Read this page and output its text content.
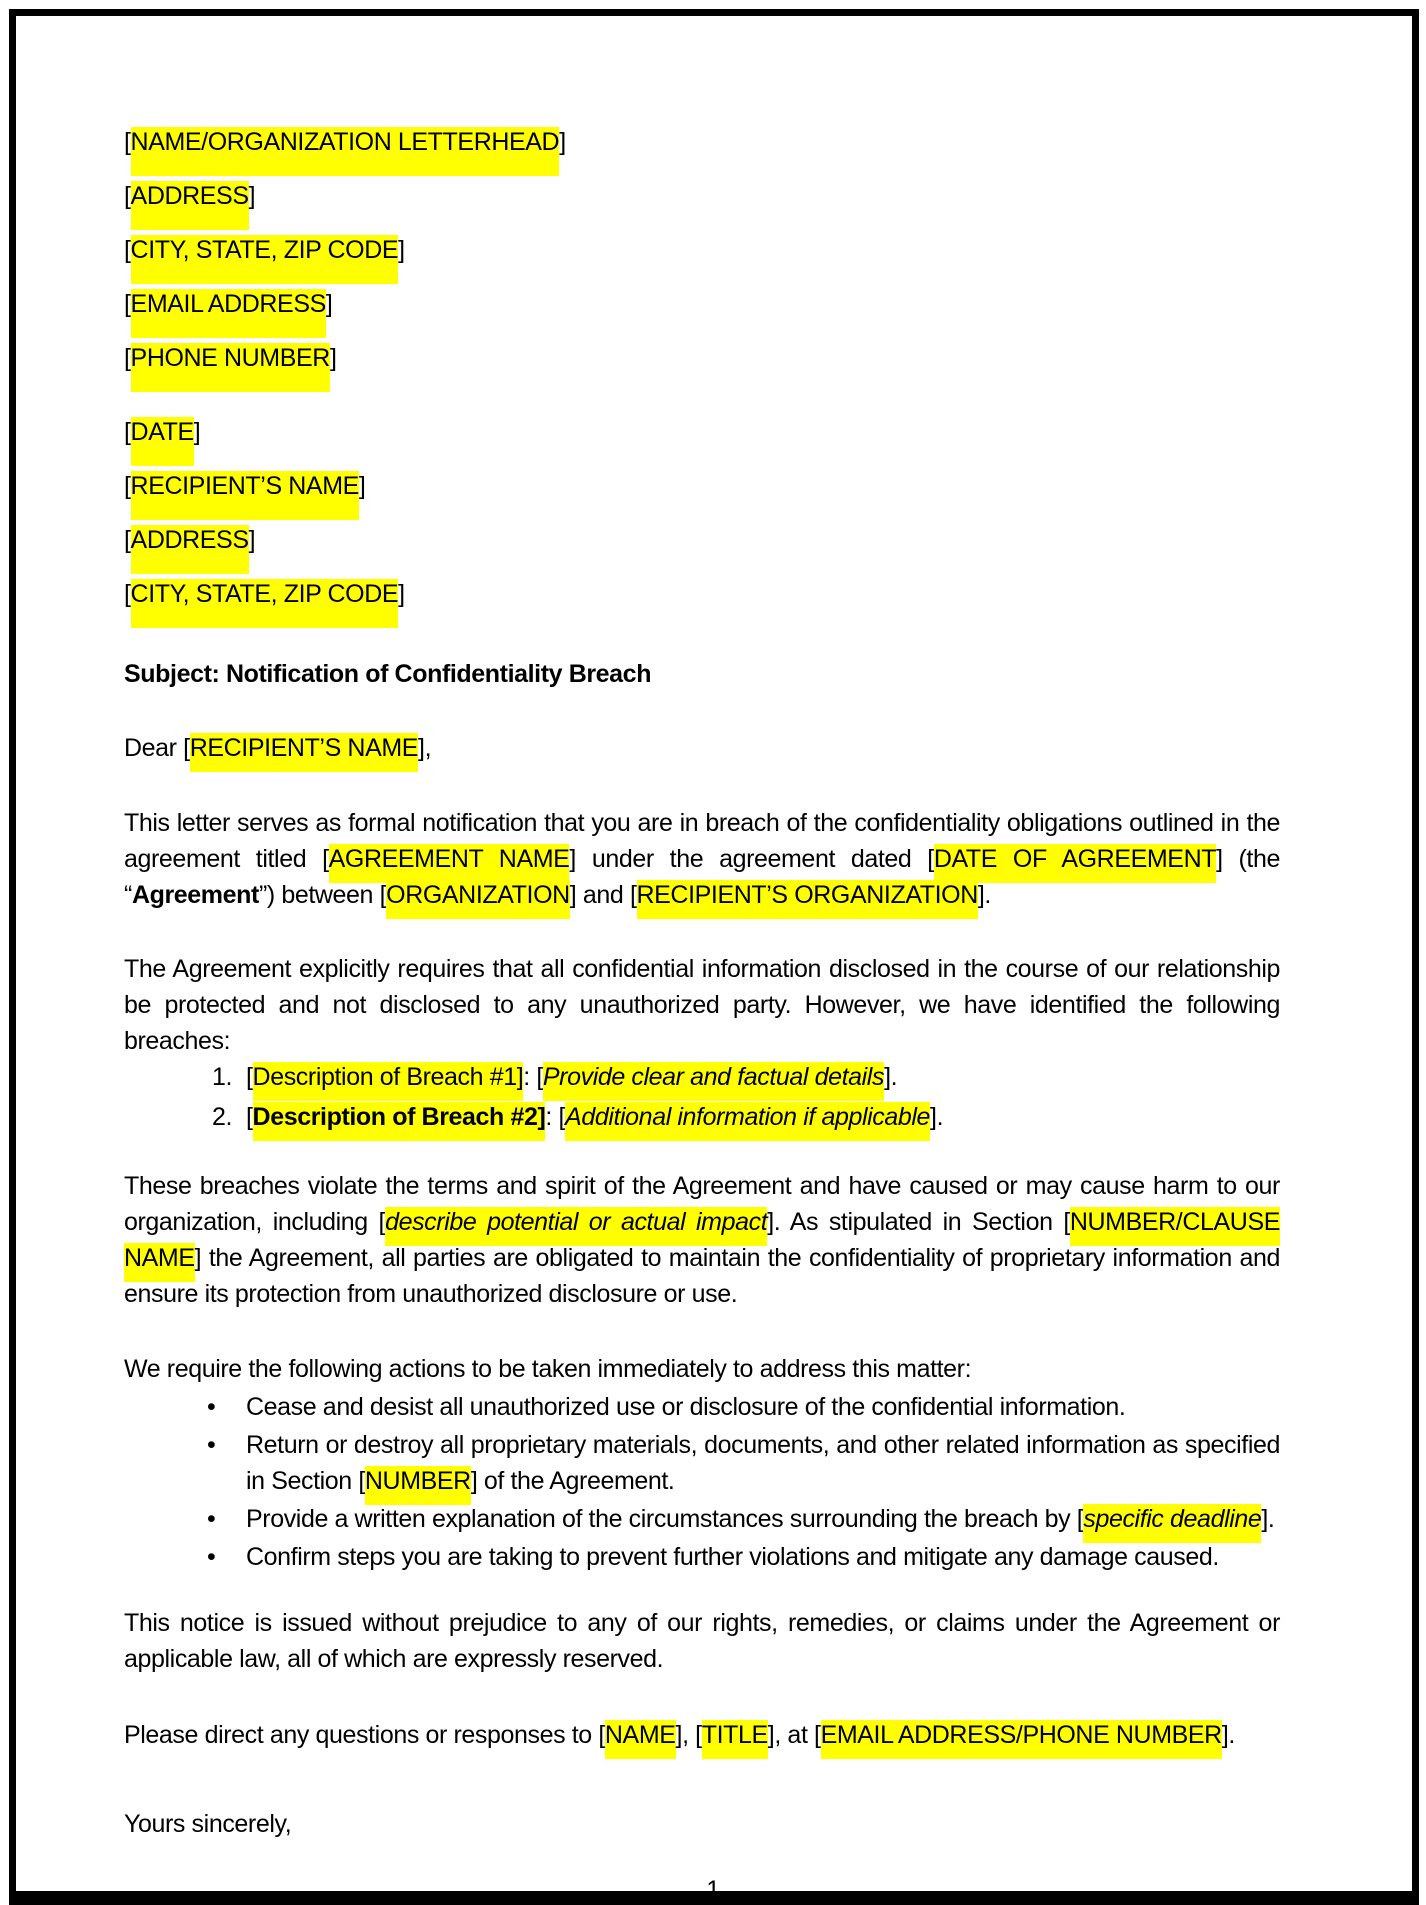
[NAME/ORGANIZATION LETTERHEAD]

[ADDRESS]

[CITY, STATE, ZIP CODE]

[EMAIL ADDRESS]

[PHONE NUMBER]

[DATE]

[RECIPIENT’S NAME]

[ADDRESS]

[CITY, STATE, ZIP CODE]

Subject: Notification of Confidentiality Breach

Dear [RECIPIENT’S NAME],

This letter serves as formal notification that you are in breach of the confidentiality obligations outlined in the agreement titled [AGREEMENT NAME] under the agreement dated [DATE OF AGREEMENT] (the “Agreement”) between [ORGANIZATION] and [RECIPIENT’S ORGANIZATION].

The Agreement explicitly requires that all confidential information disclosed in the course of our relationship be protected and not disclosed to any unauthorized party. However, we have identified the following breaches:

1. [Description of Breach #1]: [Provide clear and factual details].
2. [Description of Breach #2]: [Additional information if applicable].

These breaches violate the terms and spirit of the Agreement and have caused or may cause harm to our organization, including [describe potential or actual impact]. As stipulated in Section [NUMBER/CLAUSE NAME] the Agreement, all parties are obligated to maintain the confidentiality of proprietary information and ensure its protection from unauthorized disclosure or use.

We require the following actions to be taken immediately to address this matter:

• Cease and desist all unauthorized use or disclosure of the confidential information.
• Return or destroy all proprietary materials, documents, and other related information as specified in Section [NUMBER] of the Agreement.
• Provide a written explanation of the circumstances surrounding the breach by [specific deadline].
• Confirm steps you are taking to prevent further violations and mitigate any damage caused.

This notice is issued without prejudice to any of our rights, remedies, or claims under the Agreement or applicable law, all of which are expressly reserved.

Please direct any questions or responses to [NAME], [TITLE], at [EMAIL ADDRESS/PHONE NUMBER].

Yours sincerely,

1
